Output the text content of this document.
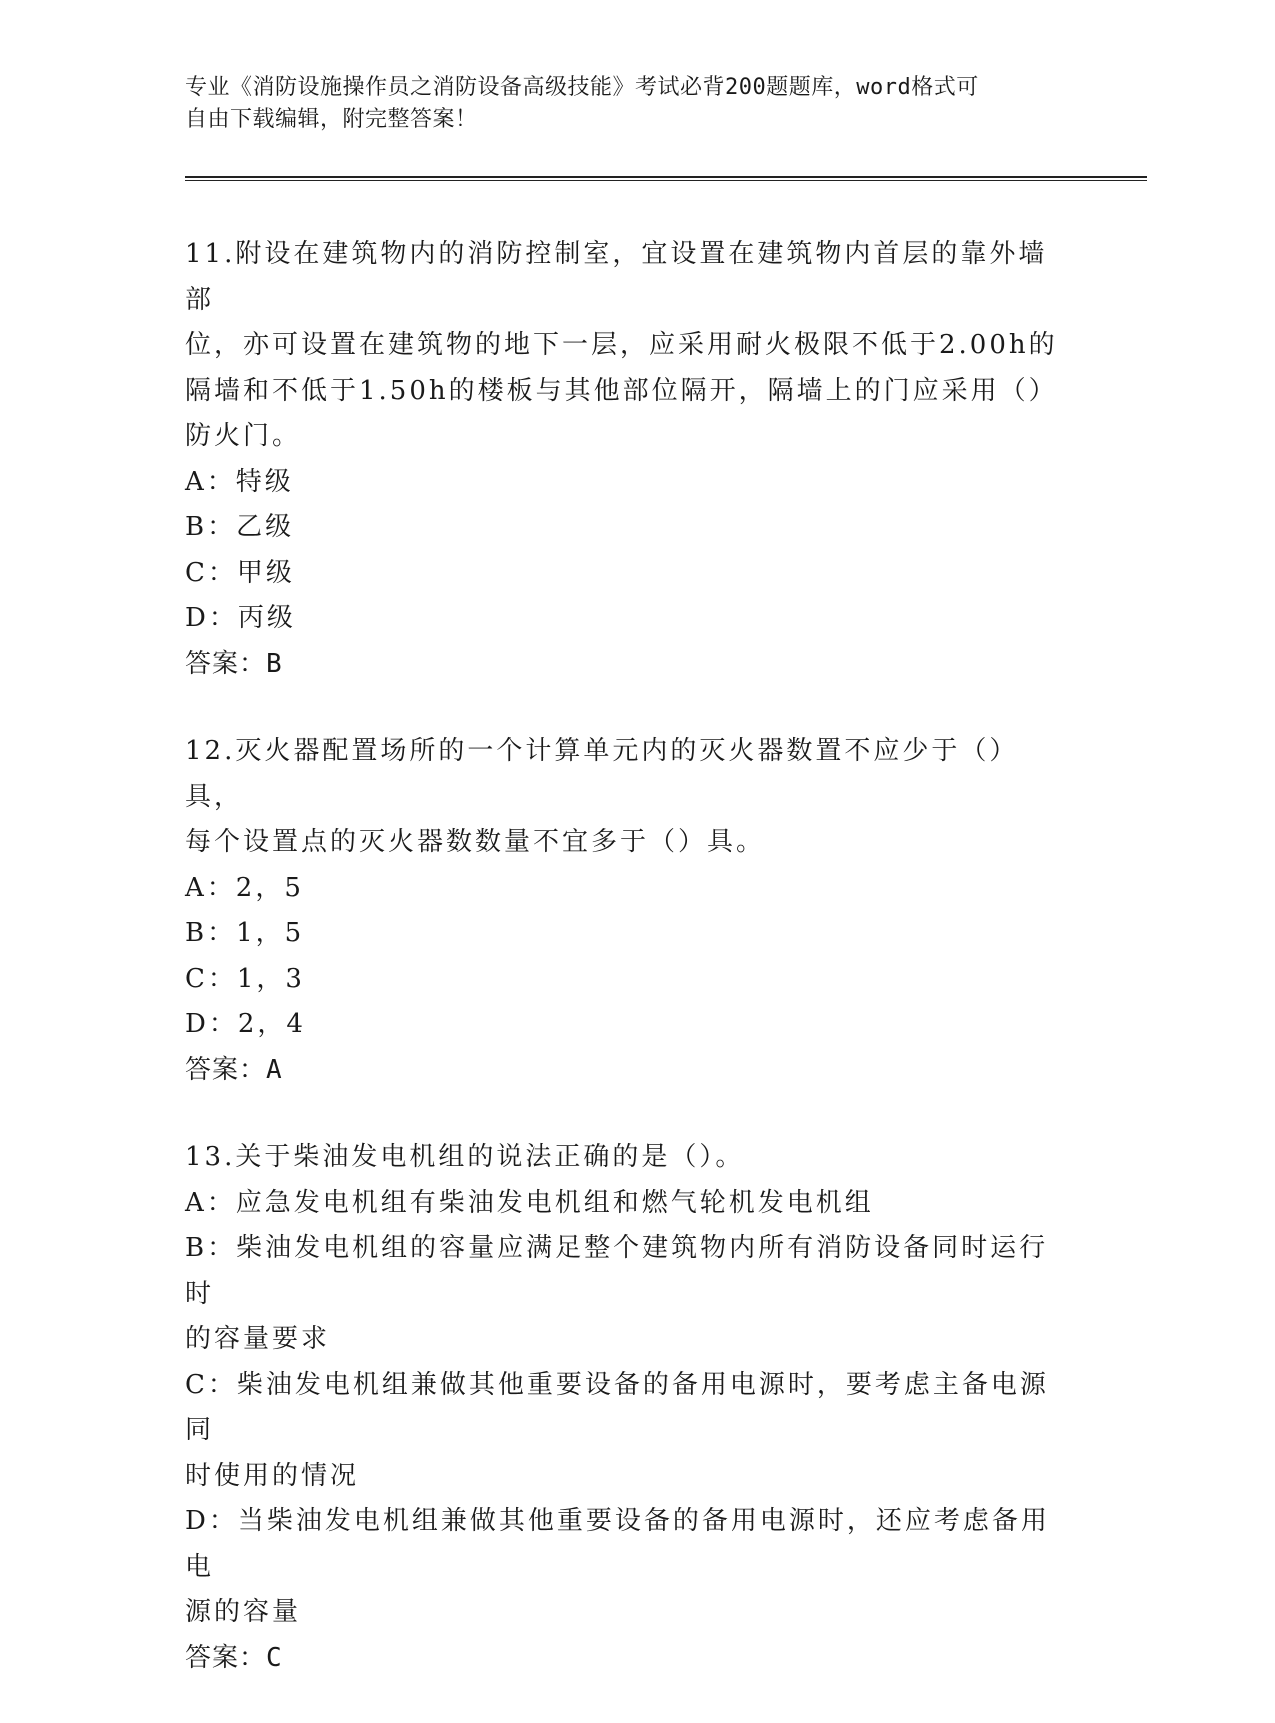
专业《消防设施操作员之消防设备高级技能》考试必背200题题库，word格式可
自由下载编辑，附完整答案！

11.附设在建筑物内的消防控制室，宜设置在建筑物内首层的靠外墙部

位，亦可设置在建筑物的地下一层，应采用耐火极限不低于2.00h的

隔墙和不低于1.50h的楼板与其他部位隔开，隔墙上的门应采用（）

防火门。

A：特级

B：乙级

C：甲级

D：丙级

答案：B

12.灭火器配置场所的一个计算单元内的灭火器数置不应少于（）具，

每个设置点的灭火器数数量不宜多于（）具。

A：2，5

B：1，5

C：1，3

D：2，4

答案：A

13.关于柴油发电机组的说法正确的是（）。

A：应急发电机组有柴油发电机组和燃气轮机发电机组

B：柴油发电机组的容量应满足整个建筑物内所有消防设备同时运行时

的容量要求

C：柴油发电机组兼做其他重要设备的备用电源时，要考虑主备电源同

时使用的情况

D：当柴油发电机组兼做其他重要设备的备用电源时，还应考虑备用电

源的容量

答案：C
